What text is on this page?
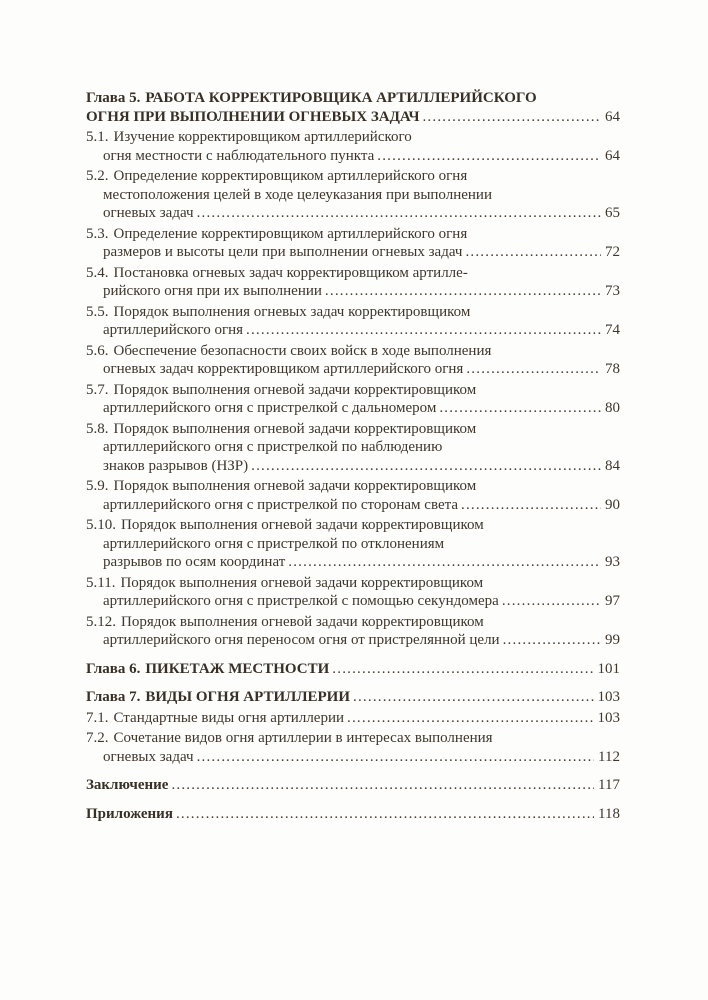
Глава 5. РАБОТА КОРРЕКТИРОВЩИКА АРТИЛЛЕРИЙСКОГО
ОГНЯ ПРИ ВЫПОЛНЕНИИ ОГНЕВЫХ ЗАДАЧ .....	64
5.1. Изучение корректировщиком артиллерийского
огня местности с наблюдательного пункта .....	64
5.2. Определение корректировщиком артиллерийского огня
местоположения целей в ходе целеуказания при выполнении
огневых задач .....	65
5.3. Определение корректировщиком артиллерийского огня
размеров и высоты цели при выполнении огневых задач .....	72
5.4. Постановка огневых задач корректировщиком артилле-
рийского огня при их выполнении .....	73
5.5. Порядок выполнения огневых задач корректировщиком
артиллерийского огня .....	74
5.6. Обеспечение безопасности своих войск в ходе выполнения
огневых задач корректировщиком артиллерийского огня .....	78
5.7. Порядок выполнения огневой задачи корректировщиком
артиллерийского огня с пристрелкой с дальномером .....	80
5.8. Порядок выполнения огневой задачи корректировщиком
артиллерийского огня с пристрелкой по наблюдению
знаков разрывов (НЗР) .....	84
5.9. Порядок выполнения огневой задачи корректировщиком
артиллерийского огня с пристрелкой по сторонам света .....	90
5.10. Порядок выполнения огневой задачи корректировщиком
артиллерийского огня с пристрелкой по отклонениям
разрывов по осям координат .....	93
5.11. Порядок выполнения огневой задачи корректировщиком
артиллерийского огня с пристрелкой с помощью секундомера .....	97
5.12. Порядок выполнения огневой задачи корректировщиком
артиллерийского огня переносом огня от пристрелянной цели .....	99
Глава 6. ПИКЕТАЖ МЕСТНОСТИ .....	101
Глава 7. ВИДЫ ОГНЯ АРТИЛЛЕРИИ .....	103
7.1. Стандартные виды огня артиллерии .....	103
7.2. Сочетание видов огня артиллерии в интересах выполнения
огневых задач .....	112
Заключение .....	117
Приложения .....	118
